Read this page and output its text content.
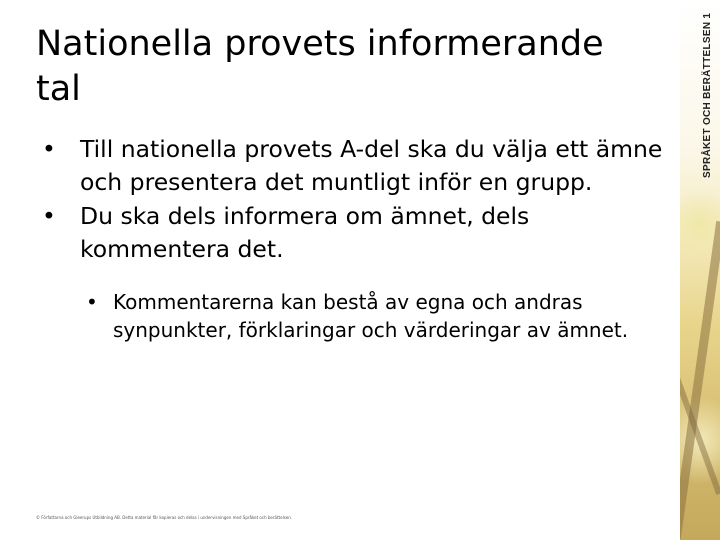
Nationella provets informerande tal
• Till nationella provets A-del ska du välja ett ämne och presentera det muntligt inför en grupp.
• Du ska dels informera om ämnet, dels kommentera det.
• Kommentarerna kan bestå av egna och andras synpunkter, förklaringar och värderingar av ämnet.
© Författarna och Gleerups Utbildning AB. Detta material får kopieras och delas i undervisningen med Språket och berättelsen.
SPRÅKET OCH BERÄTTELSEN 1
